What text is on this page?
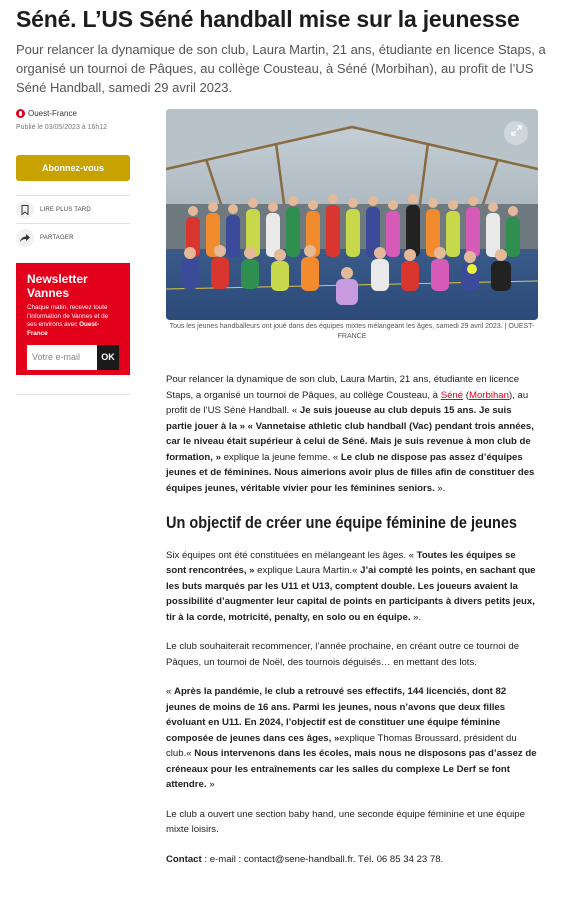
Séné. L’US Séné handball mise sur la jeunesse

Pour relancer la dynamique de son club, Laura Martin, 21 ans, étudiante en licence Staps, a organisé un tournoi de Pâques, au collège Cousteau, à Séné (Morbihan), au profit de l’US Séné Handball, samedi 29 avril 2023.

Ouest-France
Publié le 03/05/2023 à 16h12
Abonnez-vous
LIRE PLUS TARD
PARTAGER
Newsletter Vannes
Chaque matin, recevez toute l’information de Vannes et de ses environs avec Ouest-France
Votre e-mail	OK
Tous les jeunes handballeurs ont joué dans des équipes mixtes mélangeant les âges, samedi 29 avril 2023. | OUEST-FRANCE

Pour relancer la dynamique de son club, Laura Martin, 21 ans, étudiante en licence Staps, a organisé un tournoi de Pâques, au collège Cousteau, à Séné (Morbihan), au profit de l’US Séné Handball. « Je suis joueuse au club depuis 15 ans. Je suis partie jouer à la » « Vannetaise athletic club handball (Vac) pendant trois années, car le niveau était supérieur à celui de Séné. Mais je suis revenue à mon club de formation, » explique la jeune femme. « Le club ne dispose pas assez d’équipes jeunes et de féminines. Nous aimerions avoir plus de filles afin de constituer des équipes jeunes, véritable vivier pour les féminines seniors. ».

Un objectif de créer une équipe féminine de jeunes

Six équipes ont été constituées en mélangeant les âges. « Toutes les équipes se sont rencontrées, » explique Laura Martin.« J’ai compté les points, en sachant que les buts marqués par les U11 et U13, comptent double. Les joueurs avaient la possibilité d’augmenter leur capital de points en participants à divers petits jeux, tir à la corde, motricité, penalty, en solo ou en équipe. ».

Le club souhaiterait recommencer, l’année prochaine, en créant outre ce tournoi de Pâques, un tournoi de Noël, des tournois déguisés… en mettant des lots.

« Après la pandémie, le club a retrouvé ses effectifs, 144 licenciés, dont 82 jeunes de moins de 16 ans. Parmi les jeunes, nous n’avons que deux filles évoluant en U11. En 2024, l’objectif est de constituer une équipe féminine composée de jeunes dans ces âges, »explique Thomas Broussard, président du club.« Nous intervenons dans les écoles, mais nous ne disposons pas d’assez de créneaux pour les entraînements car les salles du complexe Le Derf se font attendre. »

Le club a ouvert une section baby hand, une seconde équipe féminine et une équipe mixte loisirs.

Contact : e-mail : contact@sene-handball.fr. Tél. 06 85 34 23 78.
